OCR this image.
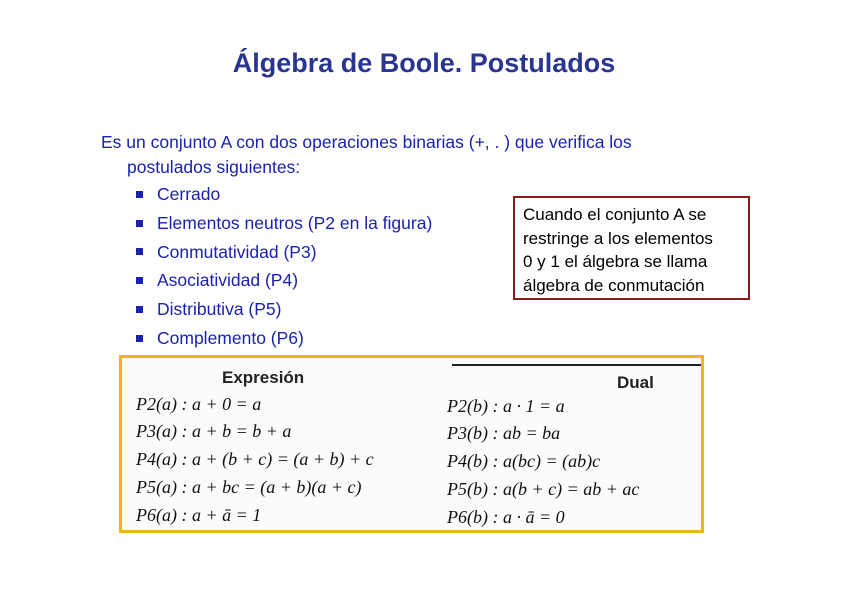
Álgebra de Boole. Postulados
Es un conjunto A con dos operaciones binarias (+, . ) que verifica los
postulados siguientes:
Cerrado
Elementos neutros (P2 en la figura)
Conmutatividad (P3)
Asociatividad (P4)
Distributiva (P5)
Complemento (P6)
Cuando el conjunto A se
restringe a los elementos
0 y 1 el álgebra se llama
álgebra de conmutación
Expresión	Dual
P2(a) : a + 0 = a	P2(b) : a · 1 = a
P3(a) : a + b = b + a	P3(b) : ab = ba
P4(a) : a + (b + c) = (a + b) + c	P4(b) : a(bc) = (ab)c
P5(a) : a + bc = (a + b)(a + c)	P5(b) : a(b + c) = ab + ac
P6(a) : a + ā = 1	P6(b) : a · ā = 0
